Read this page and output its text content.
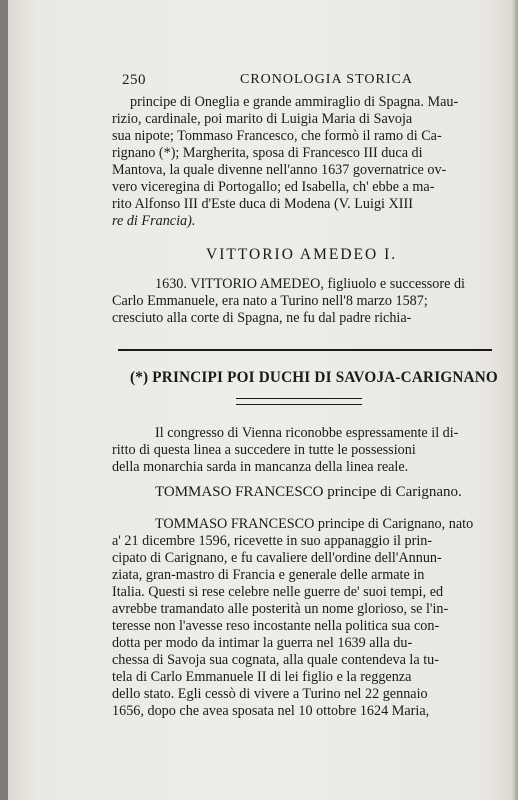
250	CRONOLOGIA STORICA
principe di Oneglia e grande ammiraglio di Spagna. Mau-
rizio, cardinale, poi marito di Luigia Maria di Savoja
sua nipote; Tommaso Francesco, che formò il ramo di Ca-
rignano (*); Margherita, sposa di Francesco III duca di
Mantova, la quale divenne nell'anno 1637 governatrice ov-
vero viceregina di Portogallo; ed Isabella, ch' ebbe a ma-
rito Alfonso III d'Este duca di Modena (V. Luigi XIII
re di Francia).
VITTORIO AMEDEO I.
1630. VITTORIO AMEDEO, figliuolo e successore di
Carlo Emmanuele, era nato a Turino nell'8 marzo 1587;
cresciuto alla corte di Spagna, ne fu dal padre richia-
(*) PRINCIPI POI DUCHI DI SAVOJA-CARIGNANO
Il congresso di Vienna riconobbe espressamente il di-
ritto di questa linea a succedere in tutte le possessioni
della monarchia sarda in mancanza della linea reale.
TOMMASO FRANCESCO principe di Carignano.
TOMMASO FRANCESCO principe di Carignano, nato
a' 21 dicembre 1596, ricevette in suo appanaggio il prin-
cipato di Carignano, e fu cavaliere dell'ordine dell'Annun-
ziata, gran-mastro di Francia e generale delle armate in
Italia. Questi si rese celebre nelle guerre de' suoi tempi, ed
avrebbe tramandato alle posterità un nome glorioso, se l'in-
teresse non l'avesse reso incostante nella politica sua con-
dotta per modo da intimar la guerra nel 1639 alla du-
chessa di Savoja sua cognata, alla quale contendeva la tu-
tela di Carlo Emmanuele II di lei figlio e la reggenza
dello stato. Egli cessò di vivere a Turino nel 22 gennaio
1656, dopo che avea sposata nel 10 ottobre 1624 Maria,
